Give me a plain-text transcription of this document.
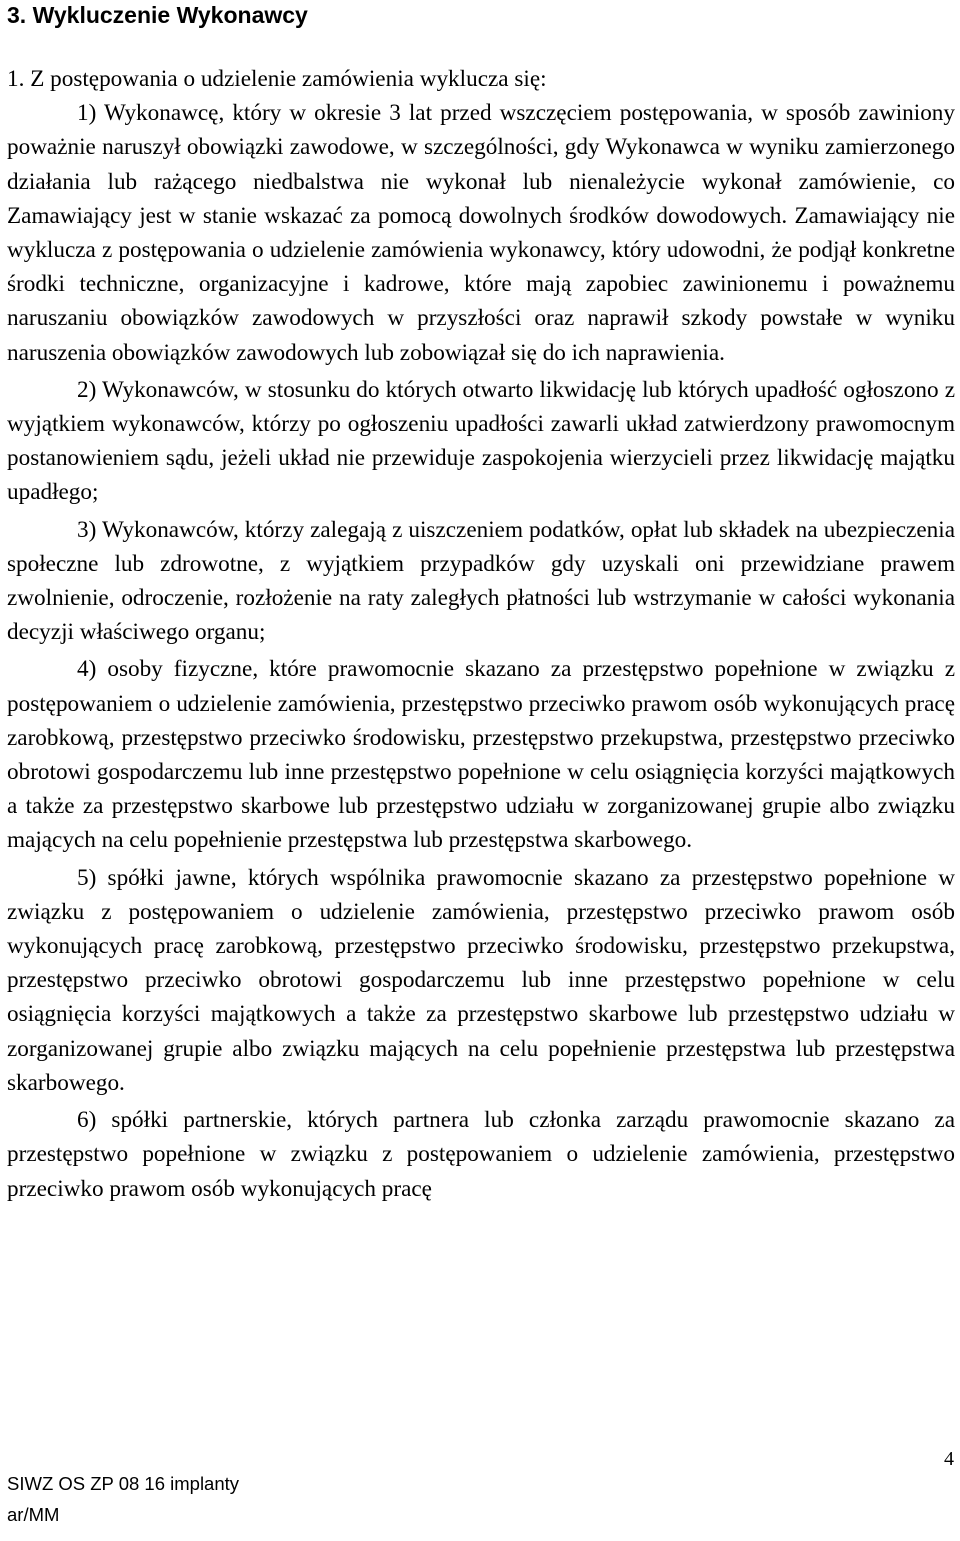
3. Wykluczenie Wykonawcy

1. Z postępowania o udzielenie zamówienia wyklucza się:

1) Wykonawcę, który w okresie 3 lat przed wszczęciem postępowania, w sposób zawiniony poważnie naruszył obowiązki zawodowe, w szczególności, gdy Wykonawca w wyniku zamierzonego działania lub rażącego niedbalstwa nie wykonał lub nienależycie wykonał zamówienie, co Zamawiający jest w stanie wskazać za pomocą dowolnych środków dowodowych. Zamawiający nie wyklucza z postępowania o udzielenie zamówienia wykonawcy, który udowodni, że podjął konkretne środki techniczne, organizacyjne i kadrowe, które mają zapobiec zawinionemu i poważnemu naruszaniu obowiązków zawodowych w przyszłości oraz naprawił szkody powstałe w wyniku naruszenia obowiązków zawodowych lub zobowiązał się do ich naprawienia.

2) Wykonawców, w stosunku do których otwarto likwidację lub których upadłość ogłoszono z wyjątkiem wykonawców, którzy po ogłoszeniu upadłości zawarli układ zatwierdzony prawomocnym postanowieniem sądu, jeżeli układ nie przewiduje zaspokojenia wierzycieli przez likwidację majątku upadłego;

3) Wykonawców, którzy zalegają z uiszczeniem podatków, opłat lub składek na ubezpieczenia społeczne lub zdrowotne, z wyjątkiem przypadków gdy uzyskali oni przewidziane prawem zwolnienie, odroczenie, rozłożenie na raty zaległych płatności lub wstrzymanie w całości wykonania decyzji właściwego organu;

4) osoby fizyczne, które prawomocnie skazano za przestępstwo popełnione w związku z postępowaniem o udzielenie zamówienia, przestępstwo przeciwko prawom osób wykonujących pracę zarobkową, przestępstwo przeciwko środowisku, przestępstwo przekupstwa, przestępstwo przeciwko obrotowi gospodarczemu lub inne przestępstwo popełnione w celu osiągnięcia korzyści majątkowych a także za przestępstwo skarbowe lub przestępstwo udziału w zorganizowanej grupie albo związku mających na celu popełnienie przestępstwa lub przestępstwa skarbowego.

5) spółki jawne, których wspólnika prawomocnie skazano za przestępstwo popełnione w związku z postępowaniem o udzielenie zamówienia, przestępstwo przeciwko prawom osób wykonujących pracę zarobkową, przestępstwo przeciwko środowisku, przestępstwo przekupstwa, przestępstwo przeciwko obrotowi gospodarczemu lub inne przestępstwo popełnione w celu osiągnięcia korzyści majątkowych a także za przestępstwo skarbowe lub przestępstwo udziału w zorganizowanej grupie albo związku mających na celu popełnienie przestępstwa lub przestępstwa skarbowego.

6) spółki partnerskie, których partnera lub członka zarządu prawomocnie skazano za przestępstwo popełnione w związku z postępowaniem o udzielenie zamówienia, przestępstwo przeciwko prawom osób wykonujących pracę

4
SIWZ OS ZP 08 16 implanty
ar/MM
